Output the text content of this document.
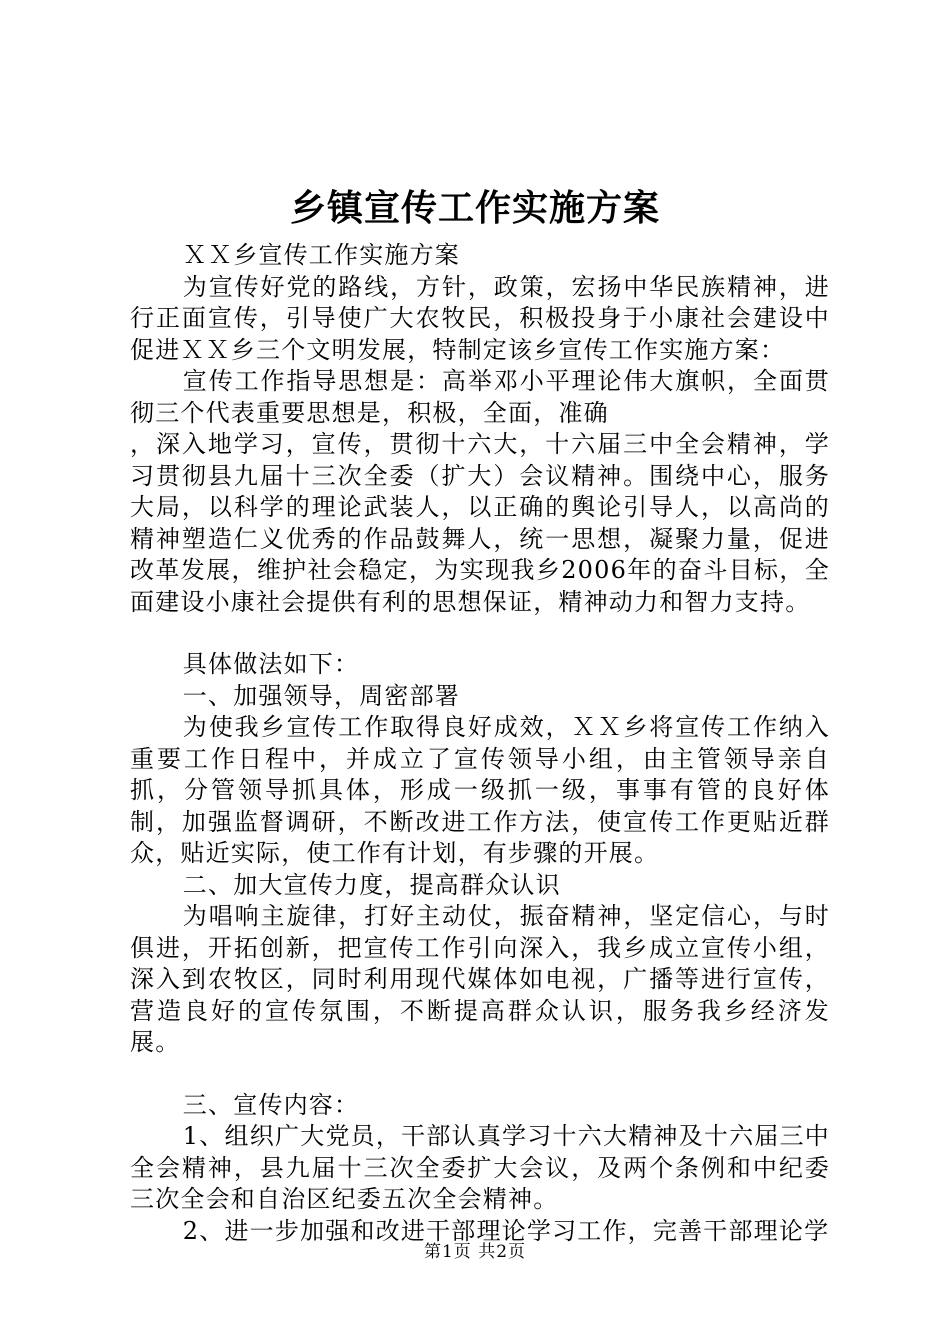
乡镇宣传工作实施方案

ＸＸ乡宣传工作实施方案

为宣传好党的路线，方针，政策，宏扬中华民族精神，进行正面宣传，引导使广大农牧民，积极投身于小康社会建设中促进ＸＸ乡三个文明发展，特制定该乡宣传工作实施方案：

宣传工作指导思想是：高举邓小平理论伟大旗帜，全面贯彻三个代表重要思想是，积极，全面，准确

，深入地学习，宣传，贯彻十六大，十六届三中全会精神，学习贯彻县九届十三次全委（扩大）会议精神。围绕中心，服务大局，以科学的理论武装人，以正确的舆论引导人，以高尚的精神塑造仁义优秀的作品鼓舞人，统一思想，凝聚力量，促进改革发展，维护社会稳定，为实现我乡2006年的奋斗目标，全面建设小康社会提供有利的思想保证，精神动力和智力支持。

具体做法如下：

一、加强领导，周密部署

为使我乡宣传工作取得良好成效，ＸＸ乡将宣传工作纳入重要工作日程中，并成立了宣传领导小组，由主管领导亲自抓，分管领导抓具体，形成一级抓一级，事事有管的良好体制，加强监督调研，不断改进工作方法，使宣传工作更贴近群众，贴近实际，使工作有计划，有步骤的开展。

二、加大宣传力度，提高群众认识

为唱响主旋律，打好主动仗，振奋精神，坚定信心，与时俱进，开拓创新，把宣传工作引向深入，我乡成立宣传小组，深入到农牧区，同时利用现代媒体如电视，广播等进行宣传，营造良好的宣传氛围，不断提高群众认识，服务我乡经济发展。

三、宣传内容：

1、组织广大党员，干部认真学习十六大精神及十六届三中全会精神，县九届十三次全委扩大会议，及两个条例和中纪委三次全会和自治区纪委五次全会精神。

2、进一步加强和改进干部理论学习工作，完善干部理论学

第1页 共2页
